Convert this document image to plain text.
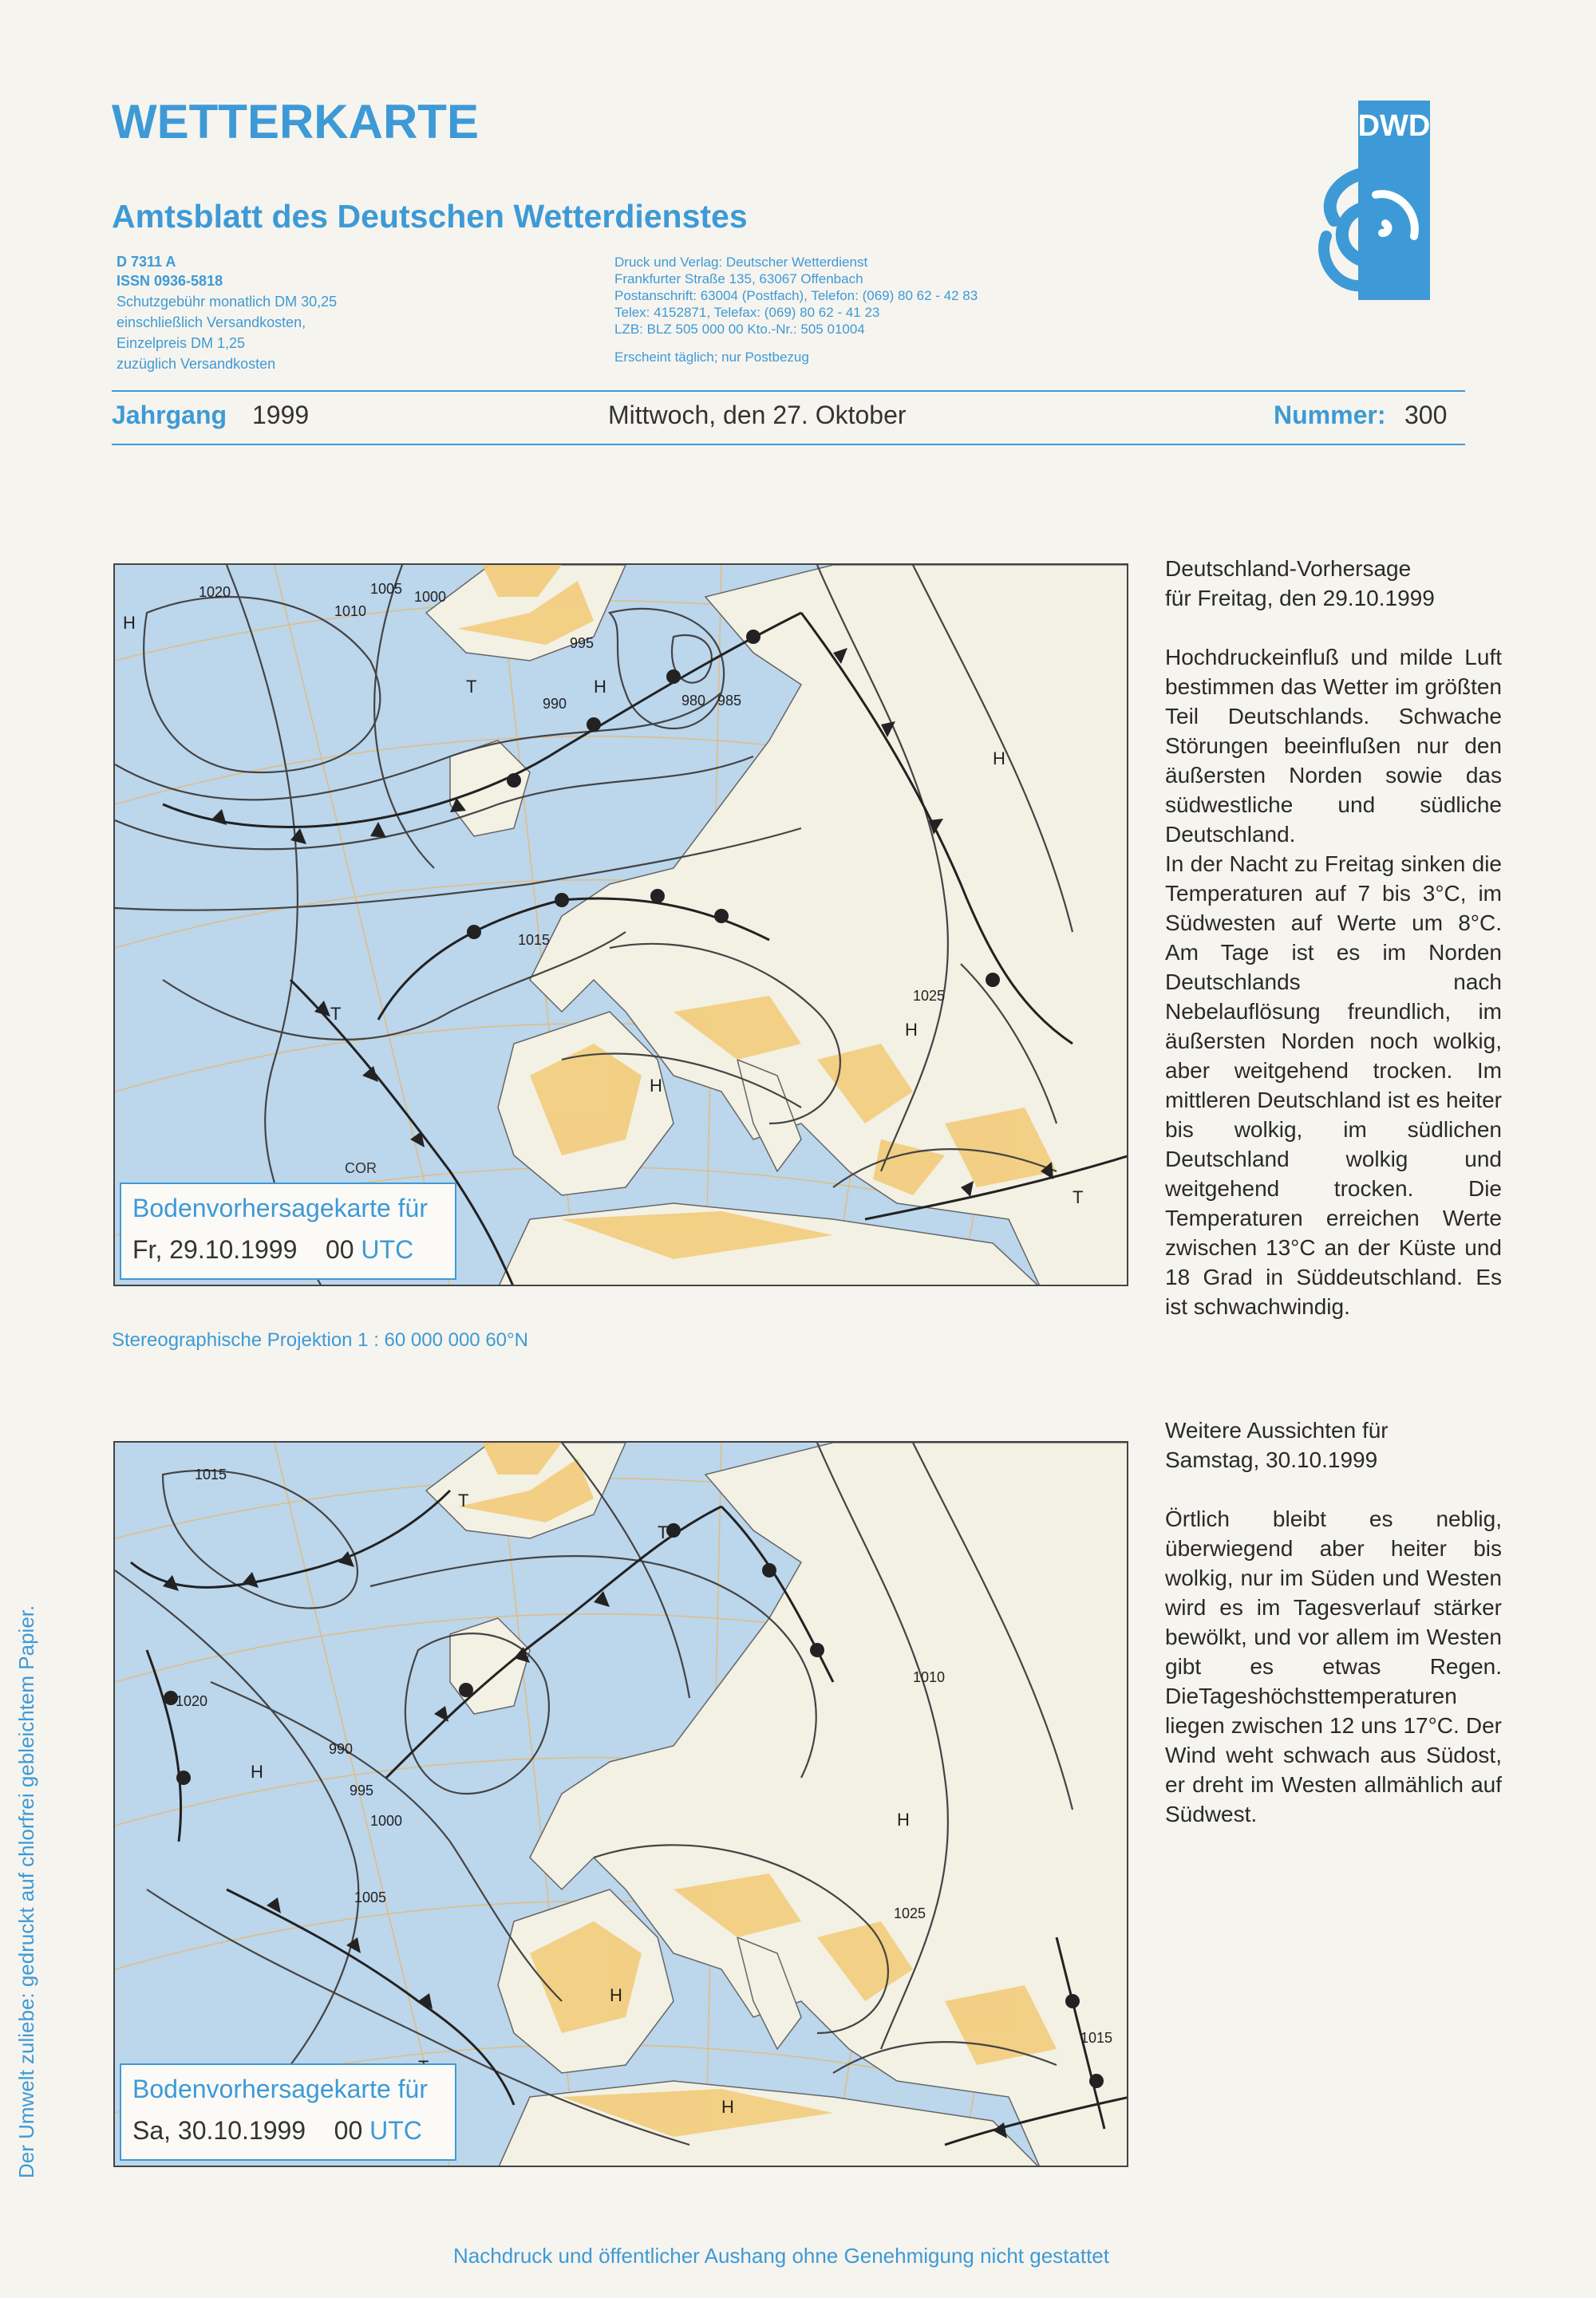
WETTERKARTE
Amtsblatt des Deutschen Wetterdienstes
DWD
D 7311 A
ISSN 0936-5818
Schutzgebühr monatlich DM 30,25
einschließlich Versandkosten,
Einzelpreis DM 1,25
zuzüglich Versandkosten
Druck und Verlag: Deutscher Wetterdienst
Frankfurter Straße 135, 63067 Offenbach
Postanschrift: 63004 (Postfach), Telefon: (069) 80 62 - 42 83
Telex: 4152871, Telefax: (069) 80 62 - 41 23
LZB: BLZ 505 000 00 Kto.-Nr.: 505 01004
Erscheint täglich; nur Postbezug
Jahrgang 1999	Mittwoch, den 27. Oktober	Nummer: 300
1020	1005 1000
995
990
1010
1015
1025
985
980
H
T	H
T
H
H
H
T
COR
Bodenvorhersagekarte für
Fr, 29.10.1999 00 UTC
Stereographische Projektion 1 : 60 000 000 60°N
Deutschland-Vorhersage
für Freitag, den 29.10.1999
Hochdruckeinfluß und milde Luft bestimmen das Wetter im größten Teil Deutschlands. Schwache Störungen beeinflußen nur den äußersten Norden sowie das südwestliche und südliche Deutschland.
In der Nacht zu Freitag sinken die Temperaturen auf 7 bis 3°C, im Südwesten auf Werte um 8°C. Am Tage ist es im Norden Deutschlands nach Nebelauflösung freundlich, im äußersten Norden noch wolkig, aber weitgehend trocken. Im mittleren Deutschland ist es heiter bis wolkig, im südlichen Deutschland wolkig und weitgehend trocken. Die Temperaturen erreichen Werte zwischen 13°C an der Küste und 18 Grad in Süddeutschland. Es ist schwachwindig.
1015
1005
995
1000
990
1020
1010
1025
1015
T
H
T
H
H
H
Bodenvorhersagekarte für
Sa, 30.10.1999 00 UTC
Weitere Aussichten für
Samstag, 30.10.1999
Örtlich bleibt es neblig, überwiegend aber heiter bis wolkig, nur im Süden und Westen wird es im Tagesverlauf stärker bewölkt, und vor allem im Westen gibt es etwas Regen. DieTageshöchsttemperaturen liegen zwischen 12 uns 17°C. Der Wind weht schwach aus Südost, er dreht im Westen allmählich auf Südwest.
Der Umwelt zuliebe: gedruckt auf chlorfrei gebleichtem Papier.
Nachdruck und öffentlicher Aushang ohne Genehmigung nicht gestattet
